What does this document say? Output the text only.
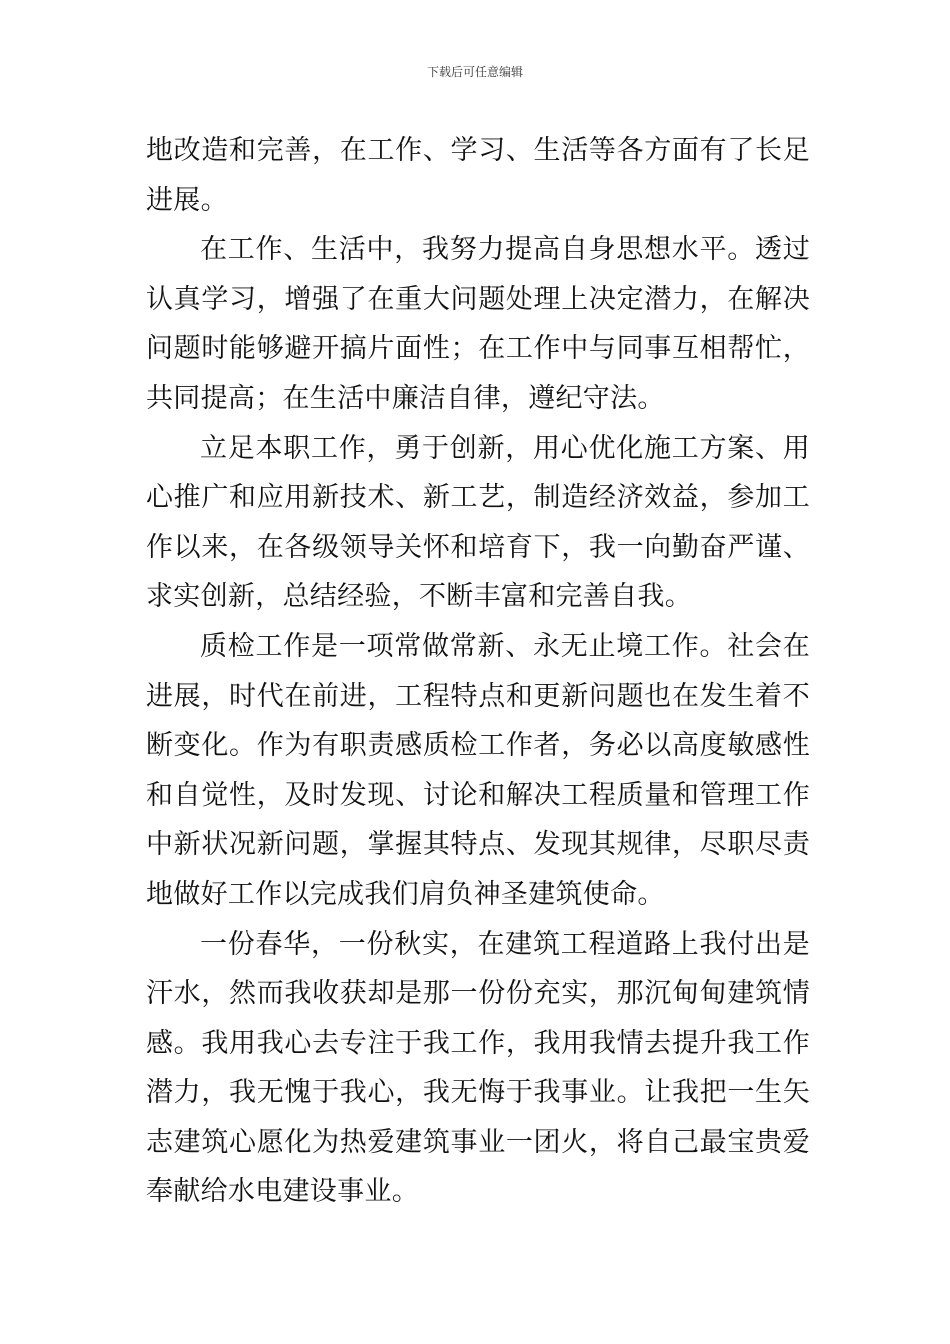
下载后可任意编辑

地改造和完善，在工作、学习、生活等各方面有了长足进展。

在工作、生活中，我努力提高自身思想水平。透过认真学习，增强了在重大问题处理上决定潜力，在解决问题时能够避开搞片面性；在工作中与同事互相帮忙，共同提高；在生活中廉洁自律，遵纪守法。

立足本职工作，勇于创新，用心优化施工方案、用心推广和应用新技术、新工艺，制造经济效益，参加工作以来，在各级领导关怀和培育下，我一向勤奋严谨、求实创新，总结经验，不断丰富和完善自我。

质检工作是一项常做常新、永无止境工作。社会在进展，时代在前进，工程特点和更新问题也在发生着不断变化。作为有职责感质检工作者，务必以高度敏感性和自觉性，及时发现、讨论和解决工程质量和管理工作中新状况新问题，掌握其特点、发现其规律，尽职尽责地做好工作以完成我们肩负神圣建筑使命。

一份春华，一份秋实，在建筑工程道路上我付出是汗水，然而我收获却是那一份份充实，那沉甸甸建筑情感。我用我心去专注于我工作，我用我情去提升我工作潜力，我无愧于我心，我无悔于我事业。让我把一生矢志建筑心愿化为热爱建筑事业一团火，将自己最宝贵爱奉献给水电建设事业。
